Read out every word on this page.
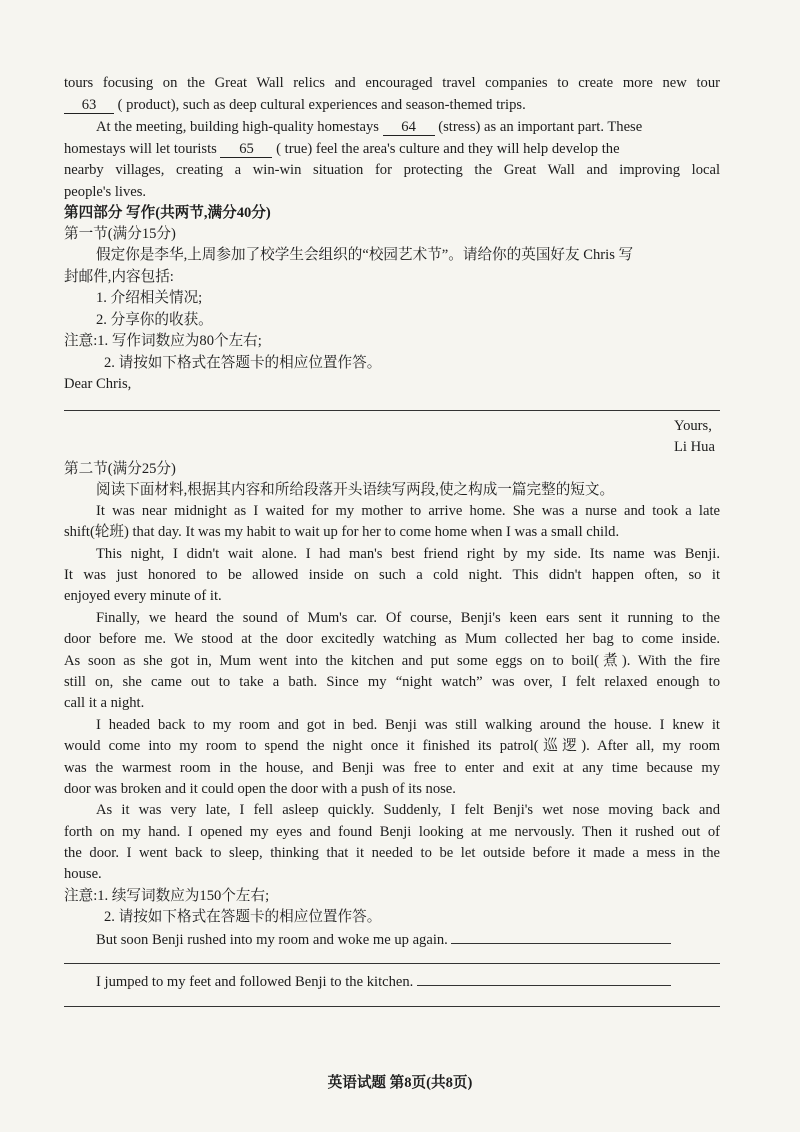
tours focusing on the Great Wall relics and encouraged travel companies to create more new tour
63 ( product), such as deep cultural experiences and season-themed trips.
At the meeting, building high-quality homestays 64 (stress) as an important part. These
homestays will let tourists 65 ( true) feel the area's culture and they will help develop the
nearby villages, creating a win-win situation for protecting the Great Wall and improving local
people's lives.
第四部分 写作(共两节,满分40分)
第一节(满分15分)
假定你是李华,上周参加了校学生会组织的“校园艺术节”。请给你的英国好友 Chris 写
封邮件,内容包括:
1. 介绍相关情况;
2. 分享你的收获。
注意:1. 写作词数应为80个左右;
2. 请按如下格式在答题卡的相应位置作答。
Dear Chris,
Yours,
Li Hua
第二节(满分25分)
阅读下面材料,根据其内容和所给段落开头语续写两段,使之构成一篇完整的短文。
It was near midnight as I waited for my mother to arrive home. She was a nurse and took a late
shift(轮班) that day. It was my habit to wait up for her to come home when I was a small child.
This night, I didn't wait alone. I had man's best friend right by my side. Its name was Benji.
It was just honored to be allowed inside on such a cold night. This didn't happen often, so it
enjoyed every minute of it.
Finally, we heard the sound of Mum's car. Of course, Benji's keen ears sent it running to the
door before me. We stood at the door excitedly watching as Mum collected her bag to come inside.
As soon as she got in, Mum went into the kitchen and put some eggs on to boil(煮). With the fire
still on, she came out to take a bath. Since my “night watch” was over, I felt relaxed enough to
call it a night.
I headed back to my room and got in bed. Benji was still walking around the house. I knew it
would come into my room to spend the night once it finished its patrol(巡逻). After all, my room
was the warmest room in the house, and Benji was free to enter and exit at any time because my
door was broken and it could open the door with a push of its nose.
As it was very late, I fell asleep quickly. Suddenly, I felt Benji's wet nose moving back and
forth on my hand. I opened my eyes and found Benji looking at me nervously. Then it rushed out of
the door. I went back to sleep, thinking that it needed to be let outside before it made a mess in the
house.
注意:1. 续写词数应为150个左右;
2. 请按如下格式在答题卡的相应位置作答。
But soon Benji rushed into my room and woke me up again.
I jumped to my feet and followed Benji to the kitchen.
英语试题 第8页(共8页)
